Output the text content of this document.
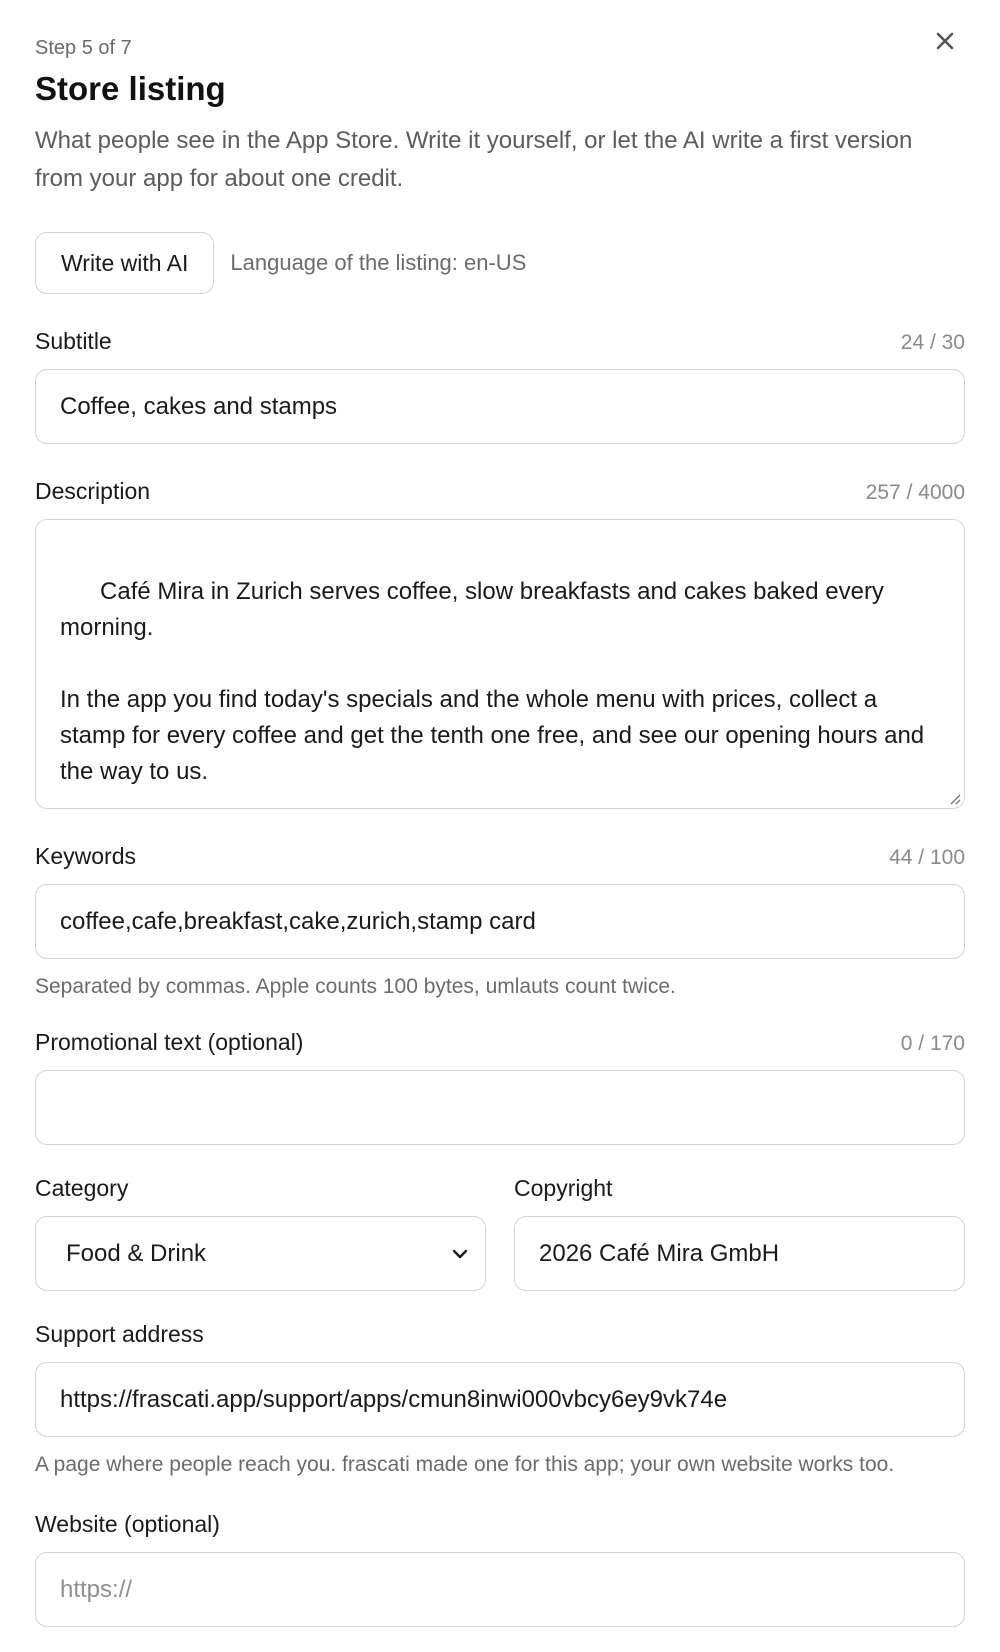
Step 5 of 7
Store listing
What people see in the App Store. Write it yourself, or let the AI write a first version from your app for about one credit.
Write with AI	Language of the listing: en-US
Subtitle	24 / 30
Coffee, cakes and stamps
Description	257 / 4000

Café Mira in Zurich serves coffee, slow breakfasts and cakes baked every morning.

In the app you find today's specials and the whole menu with prices, collect a stamp for every coffee and get the tenth one free, and see our opening hours and the way to us.

Keywords	44 / 100
coffee,cafe,breakfast,cake,zurich,stamp card
Separated by commas. Apple counts 100 bytes, umlauts count twice.
Promotional text (optional)	0 / 170
Category
Food & Drink
Copyright
2026 Café Mira GmbH
Support address
https://frascati.app/support/apps/cmun8inwi000vbcy6ey9vk74e
A page where people reach you. frascati made one for this app; your own website works too.
Website (optional)
https://
